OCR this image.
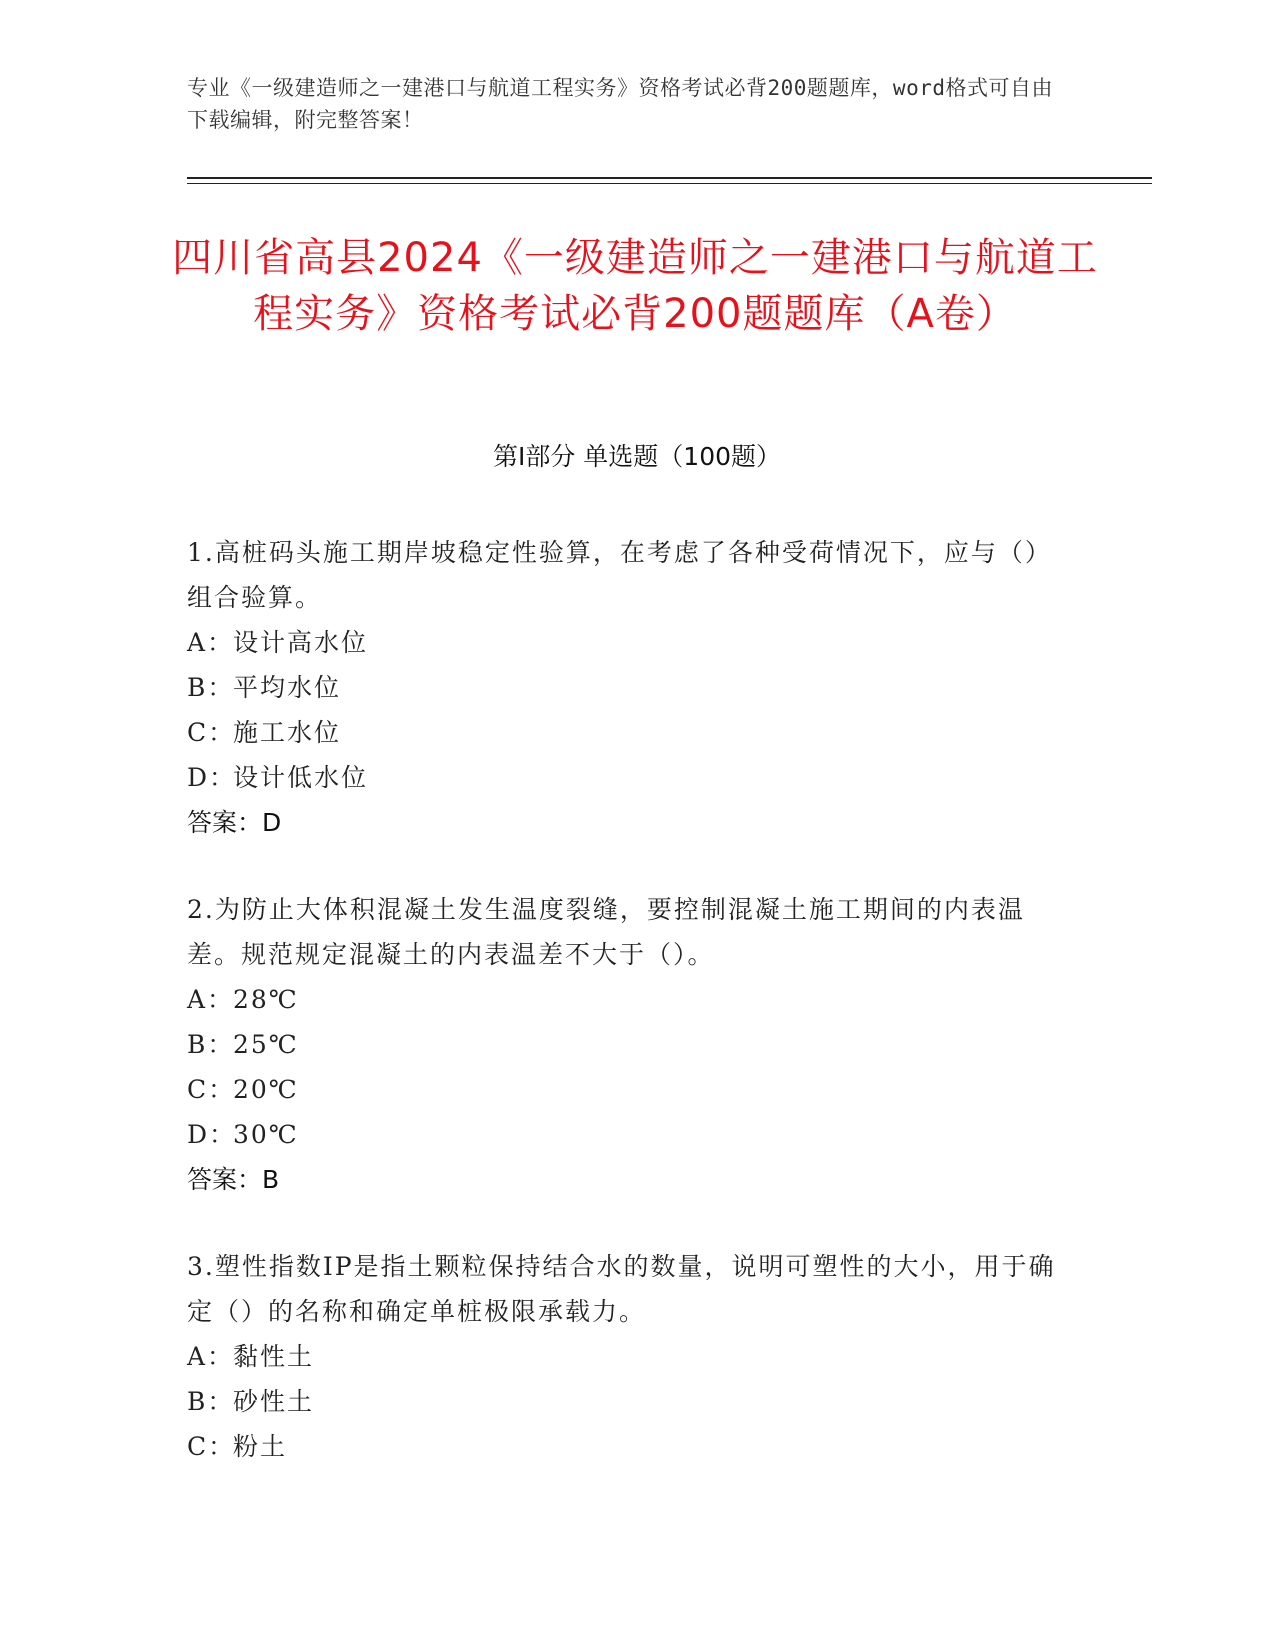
专业《一级建造师之一建港口与航道工程实务》资格考试必背200题题库，word格式可自由下载编辑，附完整答案！
四川省高县2024《一级建造师之一建港口与航道工程实务》资格考试必背200题题库（A卷）
第Ⅰ部分 单选题（100题）
1.高桩码头施工期岸坡稳定性验算，在考虑了各种受荷情况下，应与（）组合验算。
A：设计高水位
B：平均水位
C：施工水位
D：设计低水位
答案：D
2.为防止大体积混凝土发生温度裂缝，要控制混凝土施工期间的内表温差。规范规定混凝土的内表温差不大于（）。
A：28℃
B：25℃
C：20℃
D：30℃
答案：B
3.塑性指数IP是指土颗粒保持结合水的数量，说明可塑性的大小，用于确定（）的名称和确定单桩极限承载力。
A：黏性土
B：砂性土
C：粉土
